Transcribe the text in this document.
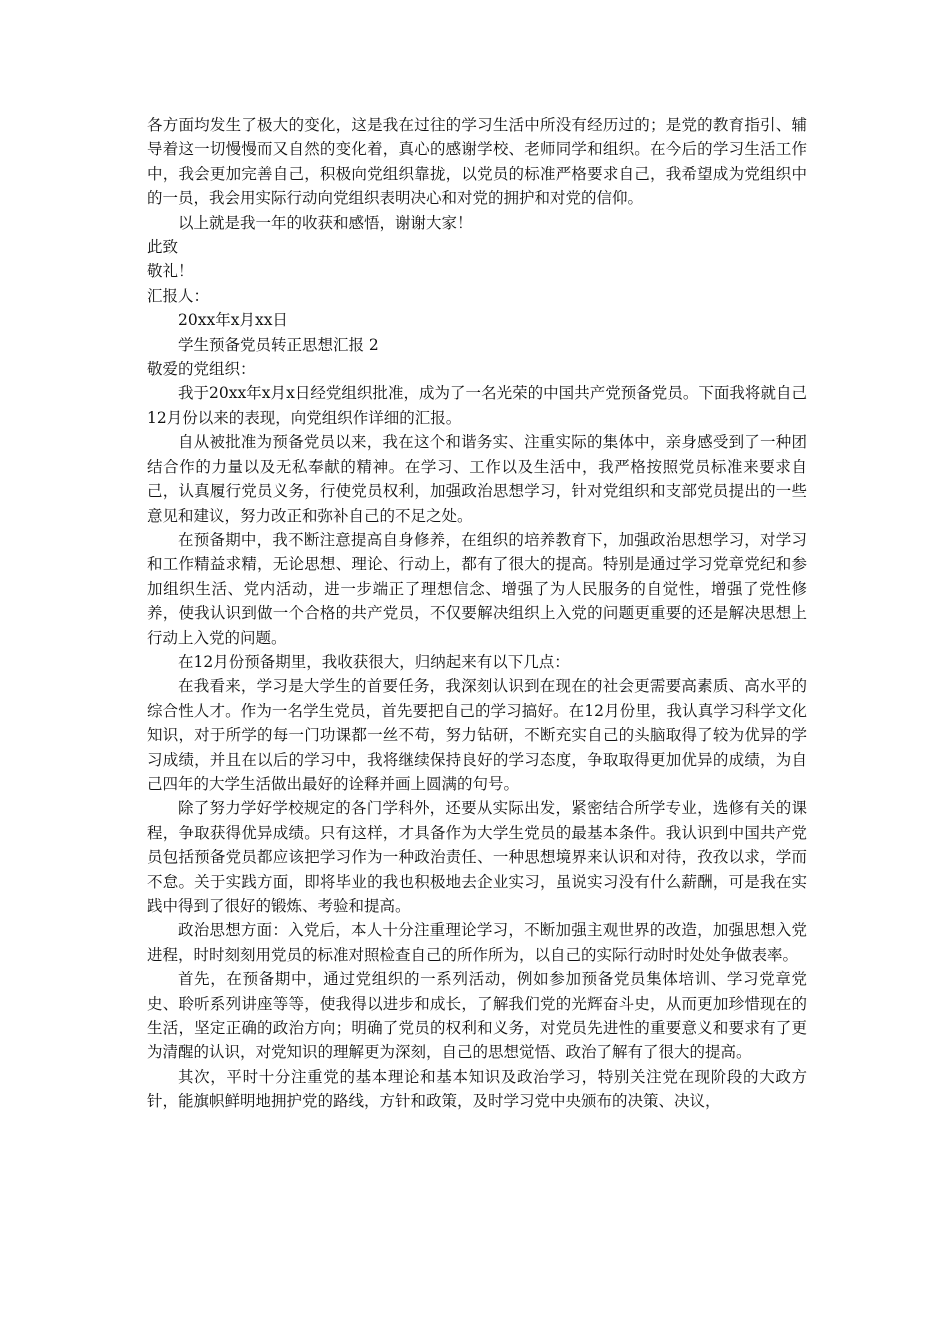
各方面均发生了极大的变化，这是我在过往的学习生活中所没有经历过的；是党的教育指引、辅导着这一切慢慢而又自然的变化着，真心的感谢学校、老师同学和组织。在今后的学习生活工作中，我会更加完善自己，积极向党组织靠拢，以党员的标准严格要求自己，我希望成为党组织中的一员，我会用实际行动向党组织表明决心和对党的拥护和对党的信仰。

以上就是我一年的收获和感悟，谢谢大家！

此致

敬礼！

汇报人：

20xx年x月xx日

学生预备党员转正思想汇报 2

敬爱的党组织：

我于20xx年x月x日经党组织批准，成为了一名光荣的中国共产党预备党员。下面我将就自己12月份以来的表现，向党组织作详细的汇报。

自从被批准为预备党员以来，我在这个和谐务实、注重实际的集体中，亲身感受到了一种团结合作的力量以及无私奉献的精神。在学习、工作以及生活中，我严格按照党员标准来要求自己，认真履行党员义务，行使党员权利，加强政治思想学习，针对党组织和支部党员提出的一些意见和建议，努力改正和弥补自己的不足之处。

在预备期中，我不断注意提高自身修养，在组织的培养教育下，加强政治思想学习，对学习和工作精益求精，无论思想、理论、行动上，都有了很大的提高。特别是通过学习党章党纪和参加组织生活、党内活动，进一步端正了理想信念、增强了为人民服务的自觉性，增强了党性修养，使我认识到做一个合格的共产党员，不仅要解决组织上入党的问题更重要的还是解决思想上行动上入党的问题。

在12月份预备期里，我收获很大，归纳起来有以下几点：

在我看来，学习是大学生的首要任务，我深刻认识到在现在的社会更需要高素质、高水平的综合性人才。作为一名学生党员，首先要把自己的学习搞好。在12月份里，我认真学习科学文化知识，对于所学的每一门功课都一丝不苟，努力钻研，不断充实自己的头脑取得了较为优异的学习成绩，并且在以后的学习中，我将继续保持良好的学习态度，争取取得更加优异的成绩，为自己四年的大学生活做出最好的诠释并画上圆满的句号。

除了努力学好学校规定的各门学科外，还要从实际出发，紧密结合所学专业，选修有关的课程，争取获得优异成绩。只有这样，才具备作为大学生党员的最基本条件。我认识到中国共产党员包括预备党员都应该把学习作为一种政治责任、一种思想境界来认识和对待，孜孜以求，学而不怠。关于实践方面，即将毕业的我也积极地去企业实习，虽说实习没有什么薪酬，可是我在实践中得到了很好的锻炼、考验和提高。

政治思想方面：入党后，本人十分注重理论学习，不断加强主观世界的改造，加强思想入党进程，时时刻刻用党员的标准对照检查自己的所作所为，以自己的实际行动时时处处争做表率。

首先，在预备期中，通过党组织的一系列活动，例如参加预备党员集体培训、学习党章党史、聆听系列讲座等等，使我得以进步和成长，了解我们党的光辉奋斗史，从而更加珍惜现在的生活，坚定正确的政治方向；明确了党员的权利和义务，对党员先进性的重要意义和要求有了更为清醒的认识，对党知识的理解更为深刻，自己的思想觉悟、政治了解有了很大的提高。

其次，平时十分注重党的基本理论和基本知识及政治学习，特别关注党在现阶段的大政方针，能旗帜鲜明地拥护党的路线，方针和政策，及时学习党中央颁布的决策、决议，
